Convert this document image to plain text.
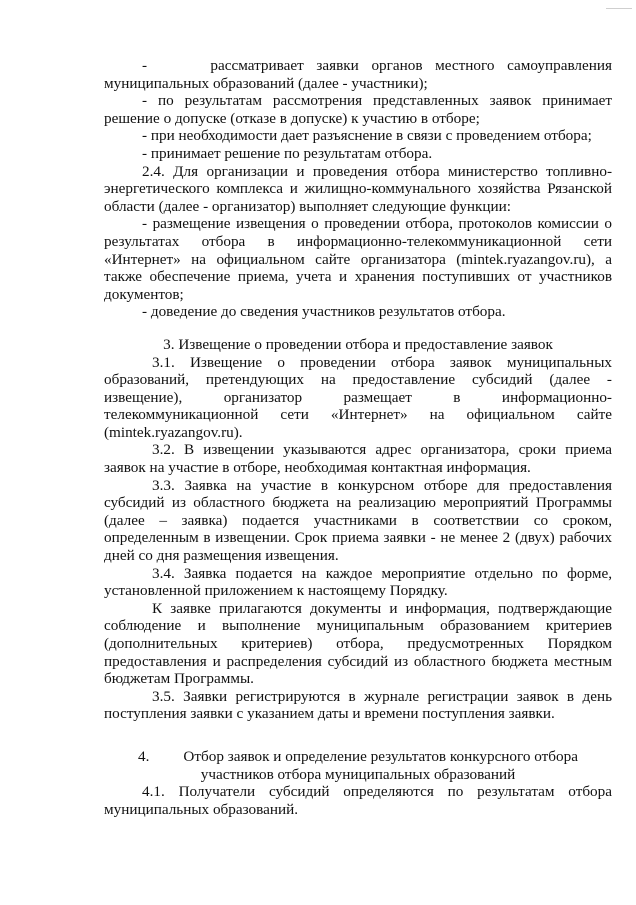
-     рассматривает заявки органов местного самоуправления муниципальных образований (далее - участники);

- по результатам рассмотрения представленных заявок принимает решение о допуске (отказе в допуске) к участию в отборе;

- при необходимости дает разъяснение в связи с проведением отбора;

- принимает решение по результатам отбора.

2.4. Для организации и проведения отбора министерство топливно-энергетического комплекса и жилищно-коммунального хозяйства Рязанской области (далее - организатор) выполняет следующие функции:

- размещение извещения о проведении отбора, протоколов комиссии о результатах отбора в информационно-телекоммуникационной сети «Интернет» на официальном сайте организатора (mintek.ryazangov.ru), а также обеспечение приема, учета и хранения поступивших от участников документов;

- доведение до сведения участников результатов отбора.

3. Извещение о проведении отбора и предоставление заявок

3.1. Извещение о проведении отбора заявок муниципальных образований, претендующих на предоставление субсидий (далее - извещение), организатор размещает в информационно-телекоммуникационной сети «Интернет» на официальном сайте (mintek.ryazangov.ru).

3.2. В извещении указываются адрес организатора, сроки приема заявок на участие в отборе, необходимая контактная информация.

3.3. Заявка на участие в конкурсном отборе для предоставления субсидий из областного бюджета на реализацию мероприятий Программы (далее – заявка) подается участниками в соответствии со сроком, определенным в извещении. Срок приема заявки - не менее 2 (двух) рабочих дней со дня размещения извещения.

3.4. Заявка подается на каждое мероприятие отдельно по форме, установленной приложением к настоящему Порядку.

К заявке прилагаются документы и информация, подтверждающие соблюдение и выполнение муниципальным образованием критериев (дополнительных критериев) отбора, предусмотренных Порядком предоставления и распределения субсидий из областного бюджета местным бюджетам Программы.

3.5. Заявки регистрируются в журнале регистрации заявок в день поступления заявки с указанием даты и времени поступления заявки.

4. Отбор заявок и определение результатов конкурсного отбора

участников отбора муниципальных образований

4.1. Получатели субсидий определяются по результатам отбора муниципальных образований.
